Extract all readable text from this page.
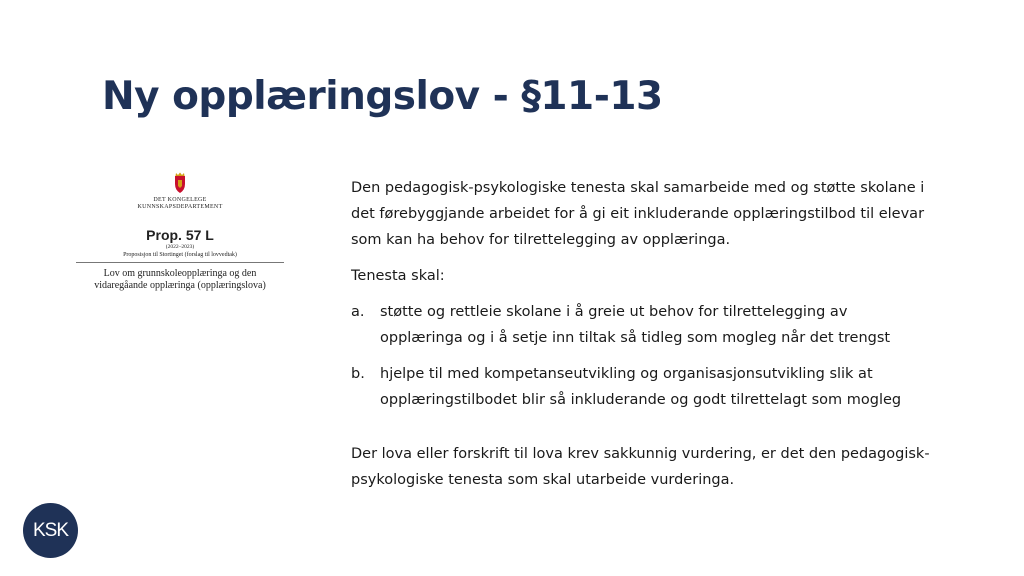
Ny opplæringslov - §11-13
DET KONGELEGE
KUNNSKAPSDEPARTEMENT
Prop. 57 L
(2022–2023)
Proposisjon til Stortinget (forslag til lovvedtak)
Lov om grunnskoleopplæringa og den
vidaregåande opplæringa (opplæringslova)

Den pedagogisk-psykologiske tenesta skal samarbeide med og støtte skolane i det førebyggjande arbeidet for å gi eit inkluderande opplæringstilbod til elevar som kan ha behov for tilrettelegging av opplæringa.

Tenesta skal:

a.	støtte og rettleie skolane i å greie ut behov for tilrettelegging av opplæringa og i å setje inn tiltak så tidleg som mogleg når det trengst
b.	hjelpe til med kompetanseutvikling og organisasjonsutvikling slik at opplæringstilbodet blir så inkluderande og godt tilrettelagt som mogleg

Der lova eller forskrift til lova krev sakkunnig vurdering, er det den pedagogisk-psykologiske tenesta som skal utarbeide vurderinga.

KSK
